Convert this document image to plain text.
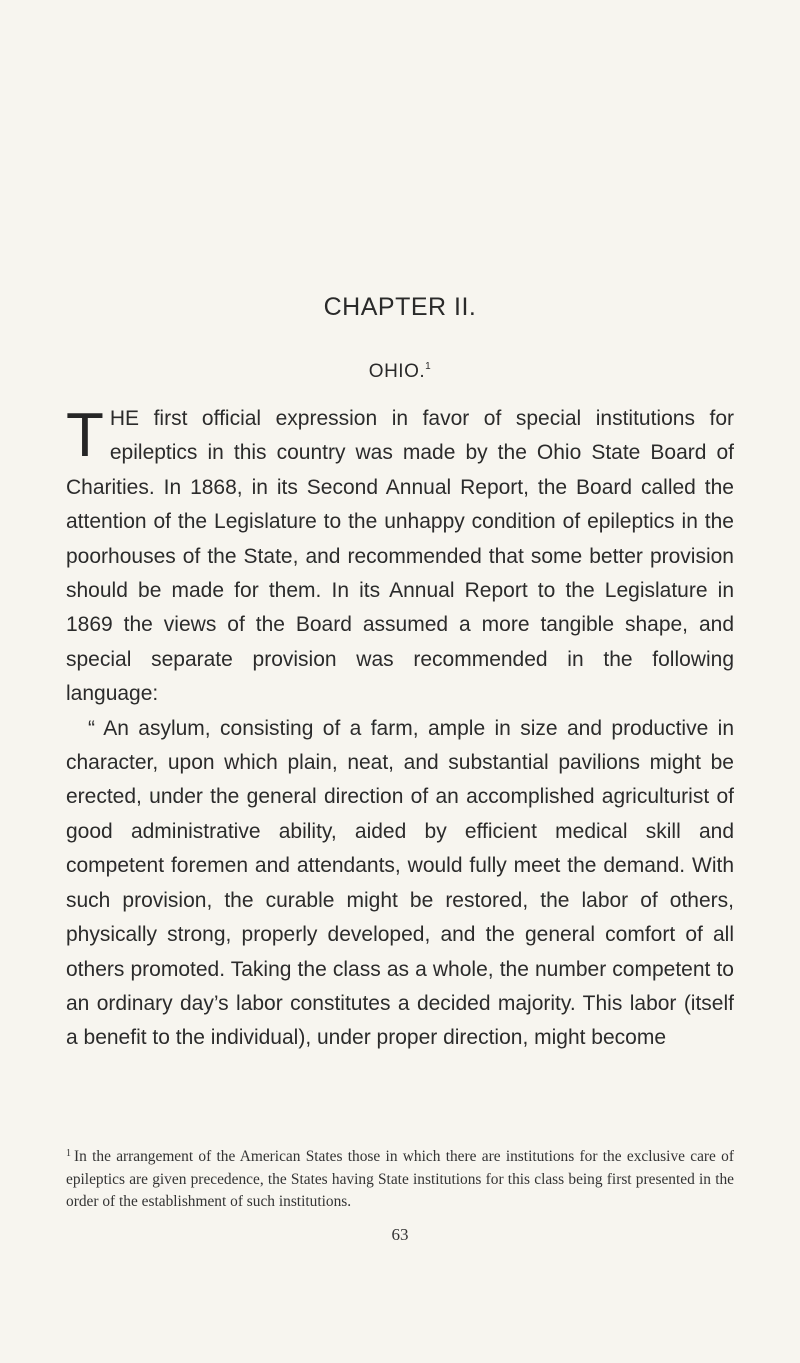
CHAPTER II.
OHIO.$^1$

THE first official expression in favor of special institutions for epileptics in this country was made by the Ohio State Board of Charities. In 1868, in its Second Annual Report, the Board called the attention of the Legislature to the unhappy condition of epileptics in the poorhouses of the State, and recommended that some better provision should be made for them. In its Annual Report to the Legislature in 1869 the views of the Board assumed a more tangible shape, and special separate provision was recommended in the following language:

“ An asylum, consisting of a farm, ample in size and productive in character, upon which plain, neat, and substantial pavilions might be erected, under the general direction of an accomplished agriculturist of good administrative ability, aided by efficient medical skill and competent foremen and attendants, would fully meet the demand. With such provision, the curable might be restored, the labor of others, physically strong, properly developed, and the general comfort of all others promoted. Taking the class as a whole, the number competent to an ordinary day’s labor constitutes a decided majority. This labor (itself a benefit to the individual), under proper direction, might become

$^1$ In the arrangement of the American States those in which there are institutions for the exclusive care of epileptics are given precedence, the States having State institutions for this class being first presented in the order of the establishment of such institutions.
63
